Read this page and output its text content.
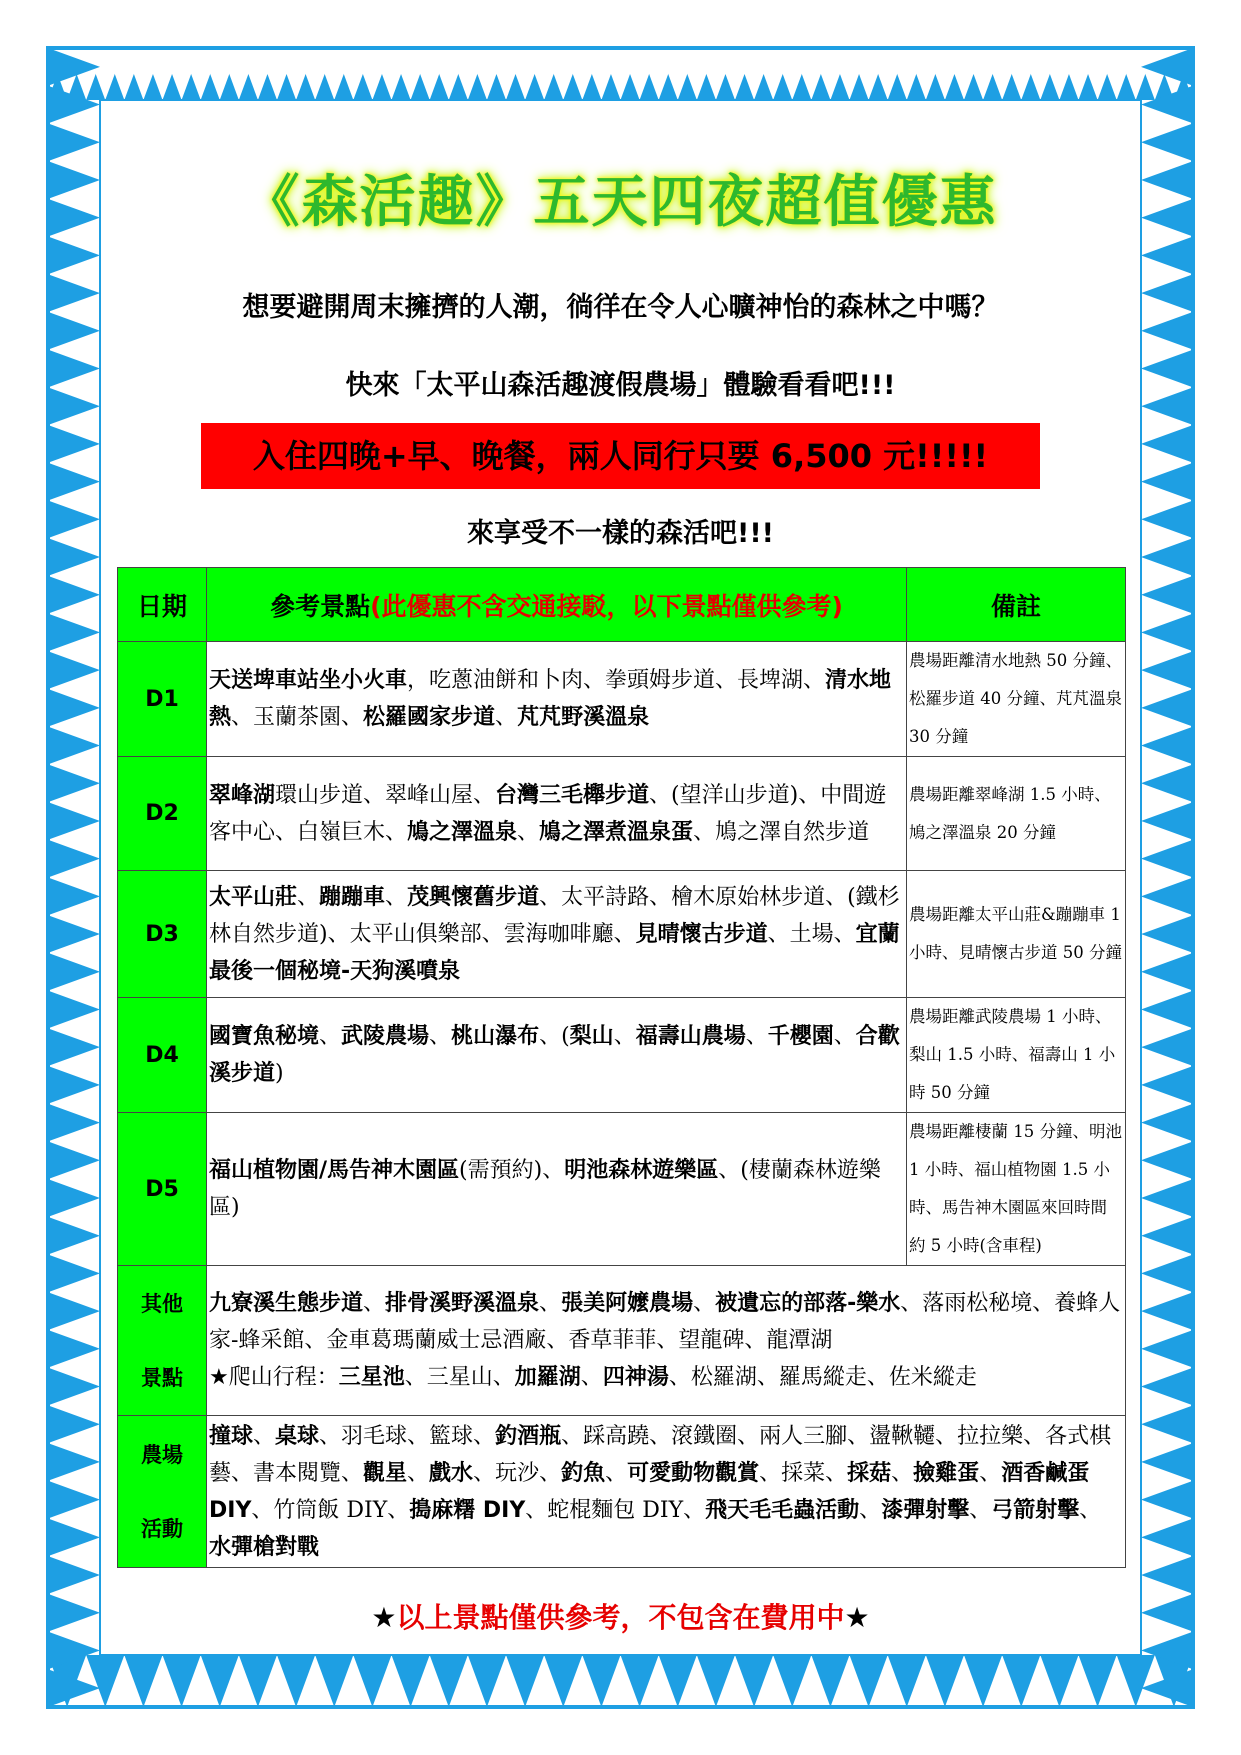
《森活趣》五天四夜超值優惠
想要避開周末擁擠的人潮，徜徉在令人心曠神怡的森林之中嗎？
快來「太平山森活趣渡假農場」體驗看看吧!!!
入住四晚+早、晚餐，兩人同行只要 6,500 元!!!!!
來享受不一樣的森活吧!!!
日期	參考景點(此優惠不含交通接駁，以下景點僅供參考)	備註
D1	天送埤車站坐小火車，吃蔥油餅和卜肉、拳頭姆步道、長埤湖、清水地熱、玉蘭茶園、松羅國家步道、芃芃野溪溫泉	農場距離清水地熱 50 分鐘、松羅步道 40 分鐘、芃芃溫泉 30 分鐘
D2	翠峰湖環山步道、翠峰山屋、台灣三毛櫸步道、(望洋山步道)、中間遊客中心、白嶺巨木、鳩之澤溫泉、鳩之澤煮溫泉蛋、鳩之澤自然步道	農場距離翠峰湖 1.5 小時、鳩之澤溫泉 20 分鐘
D3	太平山莊、蹦蹦車、茂興懷舊步道、太平詩路、檜木原始林步道、(鐵杉林自然步道)、太平山俱樂部、雲海咖啡廳、見晴懷古步道、土場、宜蘭最後一個秘境-天狗溪噴泉	農場距離太平山莊&蹦蹦車 1 小時、見晴懷古步道 50 分鐘
D4	國寶魚秘境、武陵農場、桃山瀑布、(梨山、福壽山農場、千櫻園、合歡溪步道)	農場距離武陵農場 1 小時、梨山 1.5 小時、福壽山 1 小時 50 分鐘
D5	福山植物園/馬告神木園區(需預約)、明池森林遊樂區、(棲蘭森林遊樂區)	農場距離棲蘭 15 分鐘、明池 1 小時、福山植物園 1.5 小時、馬告神木園區來回時間約 5 小時(含車程)
其他
景點	九寮溪生態步道、排骨溪野溪溫泉、張美阿嬤農場、被遺忘的部落-樂水、落雨松秘境、養蜂人家-蜂采館、金車葛瑪蘭威士忌酒廠、香草菲菲、望龍碑、龍潭湖
★爬山行程：三星池、三星山、加羅湖、四神湯、松羅湖、羅馬縱走、佐米縱走	
農場
活動	撞球、桌球、羽毛球、籃球、釣酒瓶、踩高蹺、滾鐵圈、兩人三腳、盪鞦韆、拉拉樂、各式棋藝、書本閱覽、觀星、戲水、玩沙、釣魚、可愛動物觀賞、採菜、採菇、撿雞蛋、酒香鹹蛋 DIY、竹筒飯 DIY、搗麻糬 DIY、蛇棍麵包 DIY、飛天毛毛蟲活動、漆彈射擊、弓箭射擊、水彈槍對戰	
★以上景點僅供參考，不包含在費用中★
